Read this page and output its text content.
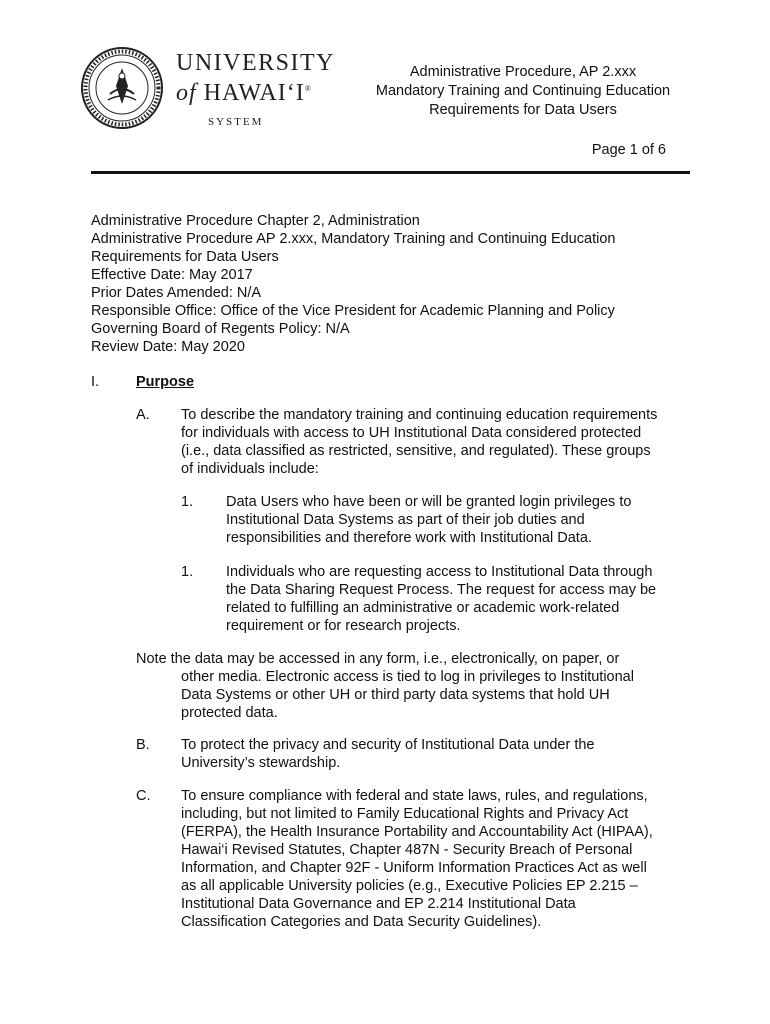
UNIVERSITY
of HAWAI‘I®
SYSTEM
Administrative Procedure, AP 2.xxx
Mandatory Training and Continuing Education
Requirements for Data Users
Page 1 of 6
Administrative Procedure Chapter 2, Administration
Administrative Procedure AP 2.xxx, Mandatory Training and Continuing Education
Requirements for Data Users
Effective Date: May 2017
Prior Dates Amended: N/A
Responsible Office: Office of the Vice President for Academic Planning and Policy
Governing Board of Regents Policy: N/A
Review Date: May 2020
I.	Purpose
A. To describe the mandatory training and continuing education requirements
for individuals with access to UH Institutional Data considered protected
(i.e., data classified as restricted, sensitive, and regulated). These groups
of individuals include:
1. Data Users who have been or will be granted login privileges to
Institutional Data Systems as part of their job duties and
responsibilities and therefore work with Institutional Data.
1. Individuals who are requesting access to Institutional Data through
the Data Sharing Request Process. The request for access may be
related to fulfilling an administrative or academic work-related
requirement or for research projects.
Note the data may be accessed in any form, i.e., electronically, on paper, or
other media. Electronic access is tied to log in privileges to Institutional
Data Systems or other UH or third party data systems that hold UH
protected data.
B. To protect the privacy and security of Institutional Data under the
University’s stewardship.
C. To ensure compliance with federal and state laws, rules, and regulations,
including, but not limited to Family Educational Rights and Privacy Act
(FERPA), the Health Insurance Portability and Accountability Act (HIPAA),
Hawai‘i Revised Statutes, Chapter 487N - Security Breach of Personal
Information, and Chapter 92F - Uniform Information Practices Act as well
as all applicable University policies (e.g., Executive Policies EP 2.215 –
Institutional Data Governance and EP 2.214 Institutional Data
Classification Categories and Data Security Guidelines).
